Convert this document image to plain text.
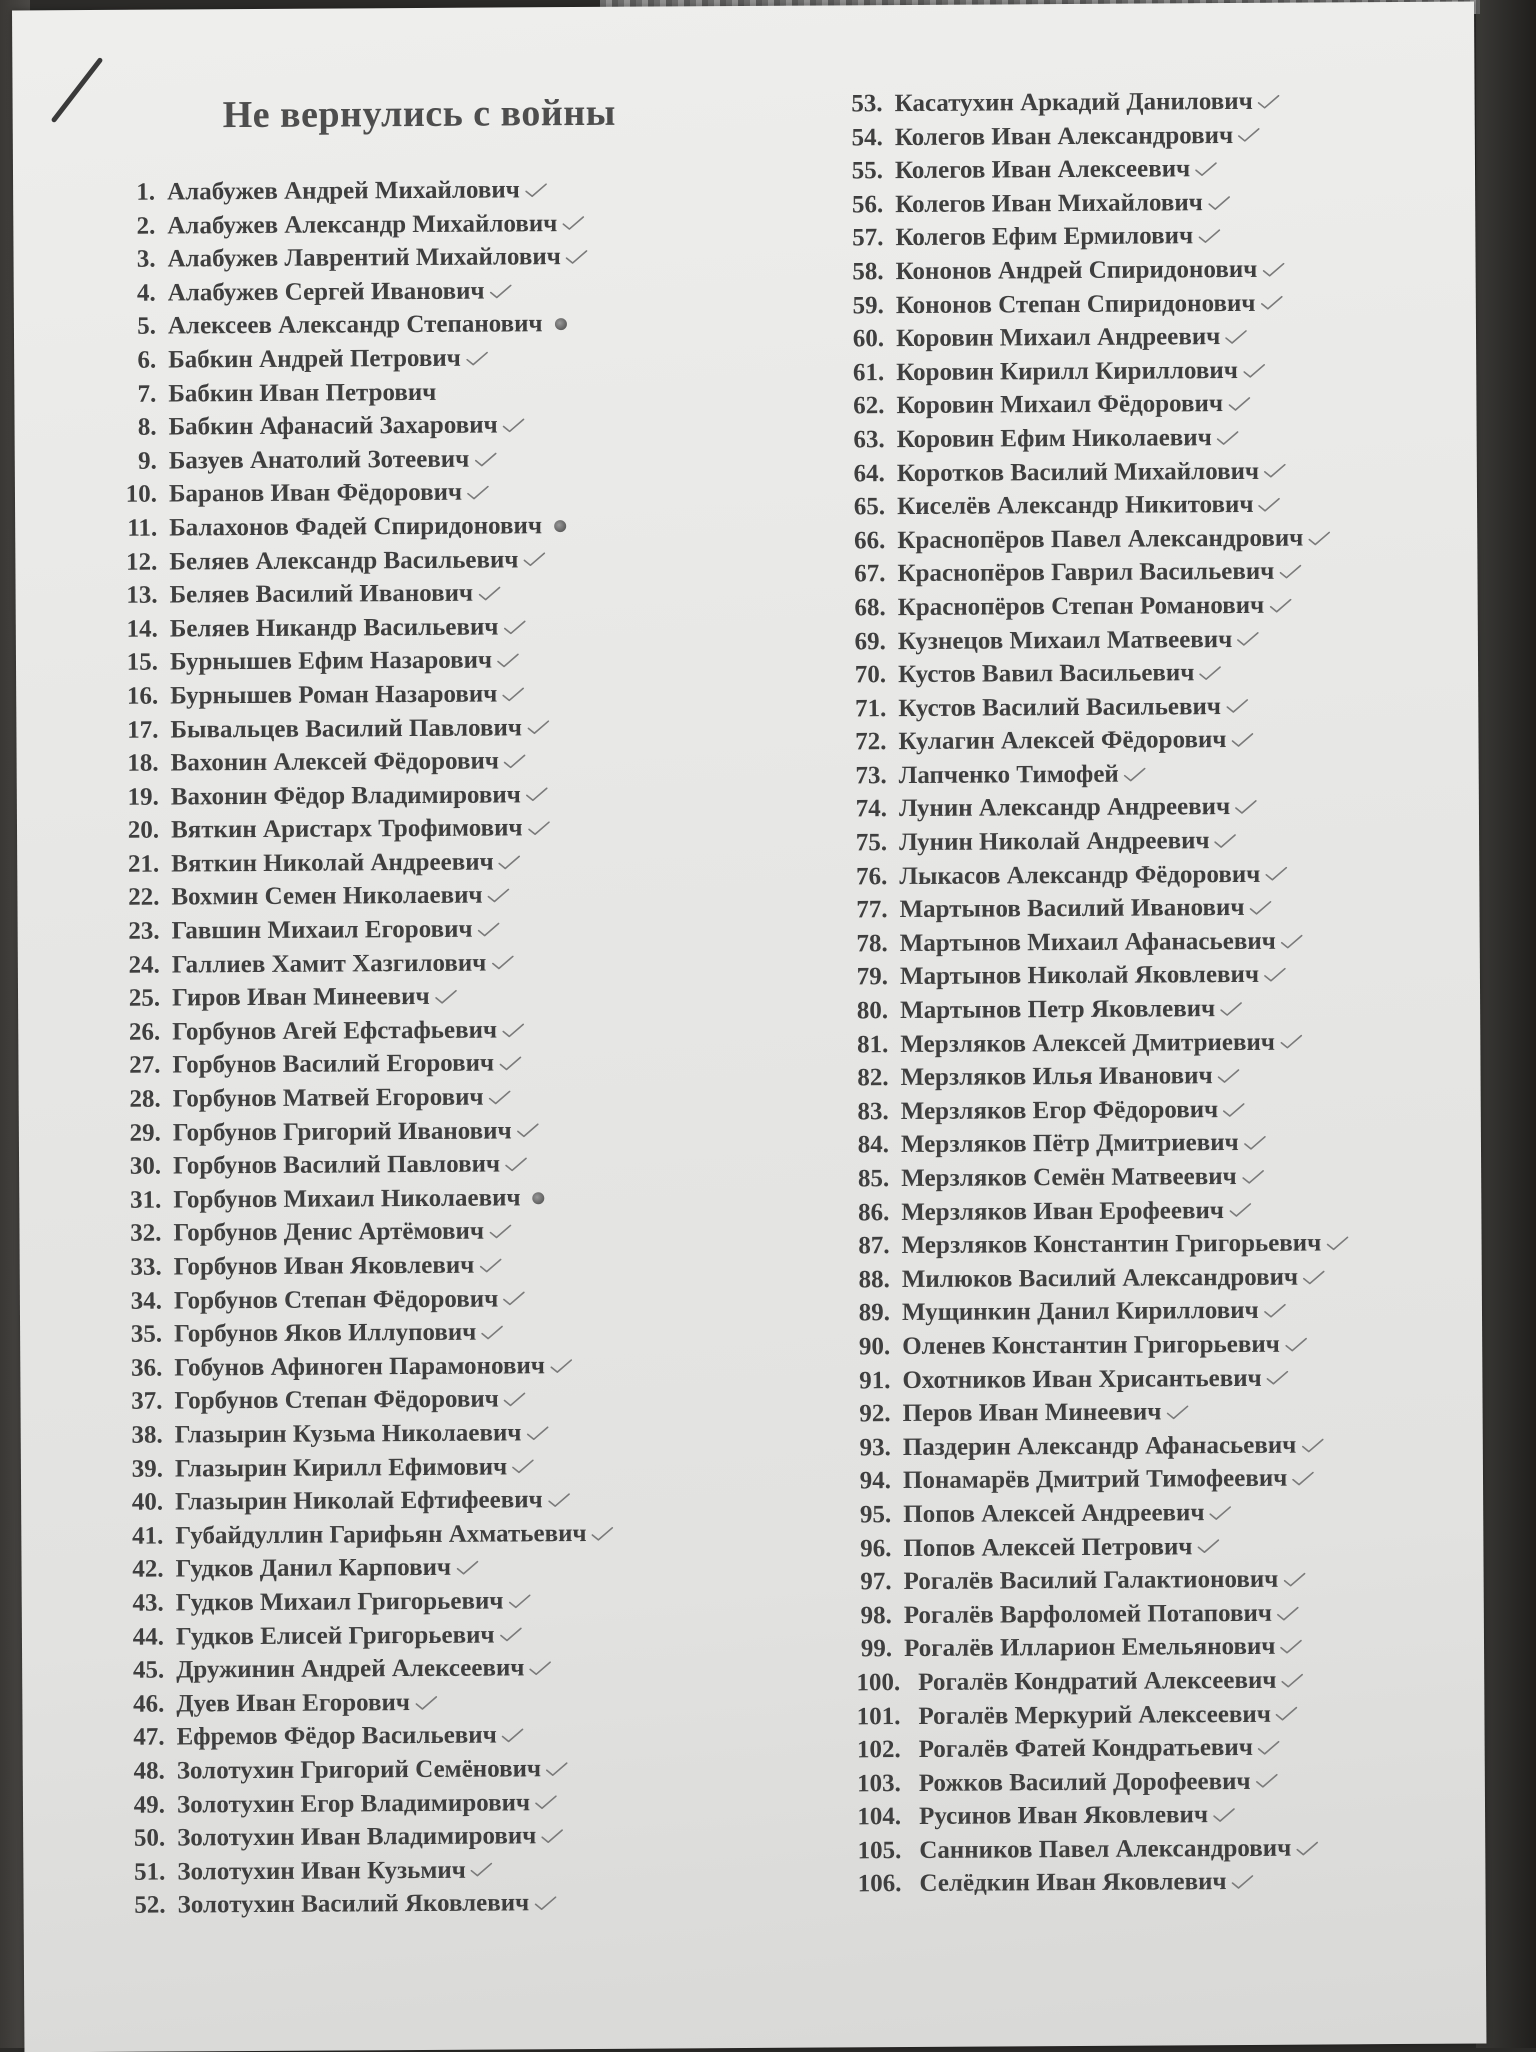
Не вернулись с войны
1. Алабужев Андрей Михайлович
2. Алабужев Александр Михайлович
3. Алабужев Лаврентий Михайлович
4. Алабужев Сергей Иванович
5. Алексеев Александр Степанович
6. Бабкин Андрей Петрович
7. Бабкин Иван Петрович
8. Бабкин Афанасий Захарович
9. Базуев Анатолий Зотеевич
10. Баранов Иван Фёдорович
11. Балахонов Фадей Спиридонович
12. Беляев Александр Васильевич
13. Беляев Василий Иванович
14. Беляев Никандр Васильевич
15. Бурнышев Ефим Назарович
16. Бурнышев Роман Назарович
17. Бывальцев Василий Павлович
18. Вахонин Алексей Фёдорович
19. Вахонин Фёдор Владимирович
20. Вяткин Аристарх Трофимович
21. Вяткин Николай Андреевич
22. Вохмин Семен Николаевич
23. Гавшин Михаил Егорович
24. Галлиев Хамит Хазгилович
25. Гиров Иван Минеевич
26. Горбунов Агей Ефстафьевич
27. Горбунов Василий Егорович
28. Горбунов Матвей Егорович
29. Горбунов Григорий Иванович
30. Горбунов Василий Павлович
31. Горбунов Михаил Николаевич
32. Горбунов Денис Артёмович
33. Горбунов Иван Яковлевич
34. Горбунов Степан Фёдорович
35. Горбунов Яков Иллупович
36. Гобунов Афиноген Парамонович
37. Горбунов Степан Фёдорович
38. Глазырин Кузьма Николаевич
39. Глазырин Кирилл Ефимович
40. Глазырин Николай Ефтифеевич
41. Губайдуллин Гарифьян Ахматьевич
42. Гудков Данил Карпович
43. Гудков Михаил Григорьевич
44. Гудков Елисей Григорьевич
45. Дружинин Андрей Алексеевич
46. Дуев Иван Егорович
47. Ефремов Фёдор Васильевич
48. Золотухин Григорий Семёнович
49. Золотухин Егор Владимирович
50. Золотухин Иван Владимирович
51. Золотухин Иван Кузьмич
52. Золотухин Василий Яковлевич
53. Касатухин Аркадий Данилович
54. Колегов Иван Александрович
55. Колегов Иван Алексеевич
56. Колегов Иван Михайлович
57. Колегов Ефим Ермилович
58. Кононов Андрей Спиридонович
59. Кононов Степан Спиридонович
60. Коровин Михаил Андреевич
61. Коровин Кирилл Кириллович
62. Коровин Михаил Фёдорович
63. Коровин Ефим Николаевич
64. Коротков Василий Михайлович
65. Киселёв Александр Никитович
66. Краснопёров Павел Александрович
67. Краснопёров Гаврил Васильевич
68. Краснопёров Степан Романович
69. Кузнецов Михаил Матвеевич
70. Кустов Вавил Васильевич
71. Кустов Василий Васильевич
72. Кулагин Алексей Фёдорович
73. Лапченко Тимофей
74. Лунин Александр Андреевич
75. Лунин Николай Андреевич
76. Лыкасов Александр Фёдорович
77. Мартынов Василий Иванович
78. Мартынов Михаил Афанасьевич
79. Мартынов Николай Яковлевич
80. Мартынов Петр Яковлевич
81. Мерзляков Алексей Дмитриевич
82. Мерзляков Илья Иванович
83. Мерзляков Егор Фёдорович
84. Мерзляков Пётр Дмитриевич
85. Мерзляков Семён Матвеевич
86. Мерзляков Иван Ерофеевич
87. Мерзляков Константин Григорьевич
88. Милюков Василий Александрович
89. Мущинкин Данил Кириллович
90. Оленев Константин Григорьевич
91. Охотников Иван Хрисантьевич
92. Перов Иван Минеевич
93. Паздерин Александр Афанасьевич
94. Понамарёв Дмитрий Тимофеевич
95. Попов Алексей Андреевич
96. Попов Алексей Петрович
97. Рогалёв Василий Галактионович
98. Рогалёв Варфоломей Потапович
99. Рогалёв Илларион Емельянович
100. Рогалёв Кондратий Алексеевич
101. Рогалёв Меркурий Алексеевич
102. Рогалёв Фатей Кондратьевич
103. Рожков Василий Дорофеевич
104. Русинов Иван Яковлевич
105. Санников Павел Александрович
106. Селёдкин Иван Яковлевич
